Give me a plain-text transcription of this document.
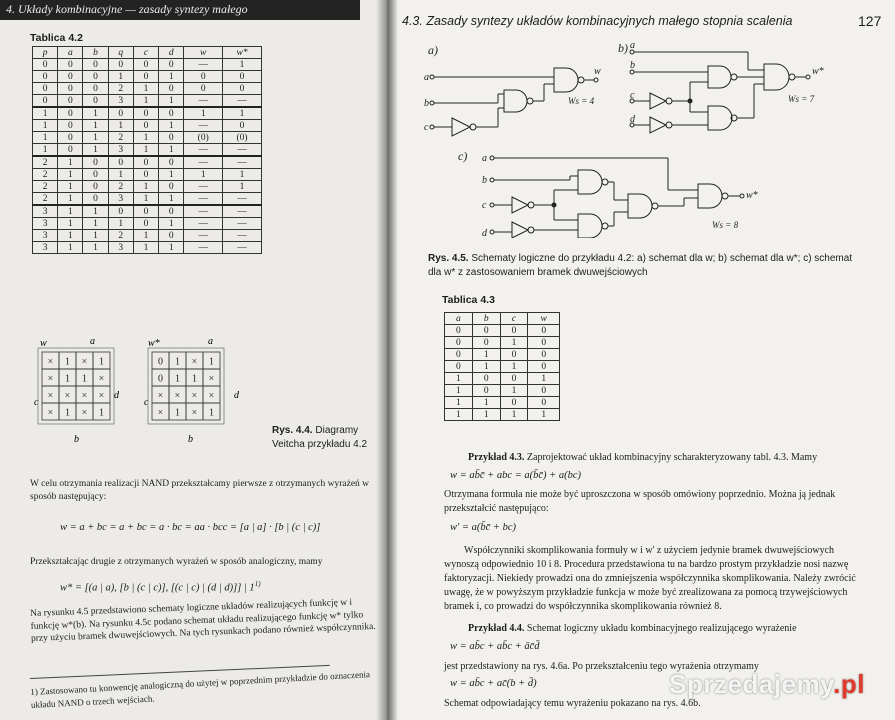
4. Układy kombinacyjne — zasady syntezy małego
Tablica 4.2
p	a	b	q	c	d	w	w*
0	0	0	0	0	0	—	1
0	0	0	1	0	1	0	0
0	0	0	2	1	0	0	0
0	0	0	3	1	1	—	—
1	0	1	0	0	0	1	1
1	0	1	1	0	1	—	0
1	0	1	2	1	0	(0)	(0)
1	0	1	3	1	1	—	—
2	1	0	0	0	0	—	—
2	1	0	1	0	1	1	1
2	1	0	2	1	0	—	1
2	1	0	3	1	1	—	—
3	1	1	0	0	0	—	—
3	1	1	1	0	1	—	—
3	1	1	2	1	0	—	—
3	1	1	3	1	1	—	—
w	w*
a	a
d	d
c	c
b	b
× 1 × 1
× 1 1 ×
× × × ×
× 1 × 1
0 1 × 1
0 1 1 ×
× × × ×
× 1 × 1
Rys. 4.4. Diagramy Veitcha przykładu 4.2
W celu otrzymania realizacji NAND przekształcamy pierwsze z otrzymanych wyrażeń w sposób następujący:
w = a + bc = a + bc = a · bc = aa · bcc = [a | a] · [b | (c | c)]
Przekształcając drugie z otrzymanych wyrażeń w sposób analogiczny, mamy
w* = [(a | a), [b | (c | c)], [(c | c) | (d | d)]] | 1$^{1)}$
Na rysunku 4.5 przedstawiono schematy logiczne układów realizujących funkcję w i funkcję w*(b). Na rysunku 4.5c podano schemat układu realizującego funkcję w* tylko przy użyciu bramek dwuwejściowych. Na tych rysunkach podano również współczynnika.
1) Zastosowano tu konwencję analogiczną do użytej w poprzednim przykładzie do oznaczenia układu NAND o trzech wejściach.
4.3. Zasady syntezy układów kombinacyjnych małego stopnia scalenia	127
a)
a
b
c
w
Ws = 4
b) a
b
c
d
w*
Ws = 7
c) a
b
c
d
w*
Ws = 8
Rys. 4.5. Schematy logiczne do przykładu 4.2: a) schemat dla w; b) schemat dla w*; c) schemat dla w* z zastosowaniem bramek dwuwejściowych
Tablica 4.3
a	b	c	w
0	0	0	0
0	0	1	0
0	1	0	0
0	1	1	0
1	0	0	1
1	0	1	0
1	1	0	0
1	1	1	1
Przykład 4.3. Zaprojektować układ kombinacyjny scharakteryzowany tabl. 4.3. Mamy
w = ab̄c̄ + abc = a(b̄c̄) + a(bc)
Otrzymana formuła nie może być uproszczona w sposób omówiony poprzednio. Można ją jednak przekształcić następująco:
w' = a(b̄c̄ + bc)
Współczynniki skomplikowania formuły w i w' z użyciem jedynie bramek dwuwejściowych wynoszą odpowiednio 10 i 8. Procedura przedstawiona tu na bardzo prostym przykładzie nosi nazwę faktoryzacji. Niekiedy prowadzi ona do zmniejszenia współczynnika skomplikowania. Należy zwrócić uwagę, że w powyższym przykładzie funkcja w może być zrealizowana za pomocą trzywejściowych bramek i, co prowadzi do współczynnika skomplikowania również 8.
Przykład 4.4. Schemat logiczny układu kombinacyjnego realizującego wyrażenie
w = ab̄c + ab̄c + āc̄d̄
jest przedstawiony na rys. 4.6a. Po przekształceniu tego wyrażenia otrzymamy
w = ab̄c + ac̄(b + d̄)
Schemat odpowiadający temu wyrażeniu pokazano na rys. 4.6b.
Sprzedajemy.pl
